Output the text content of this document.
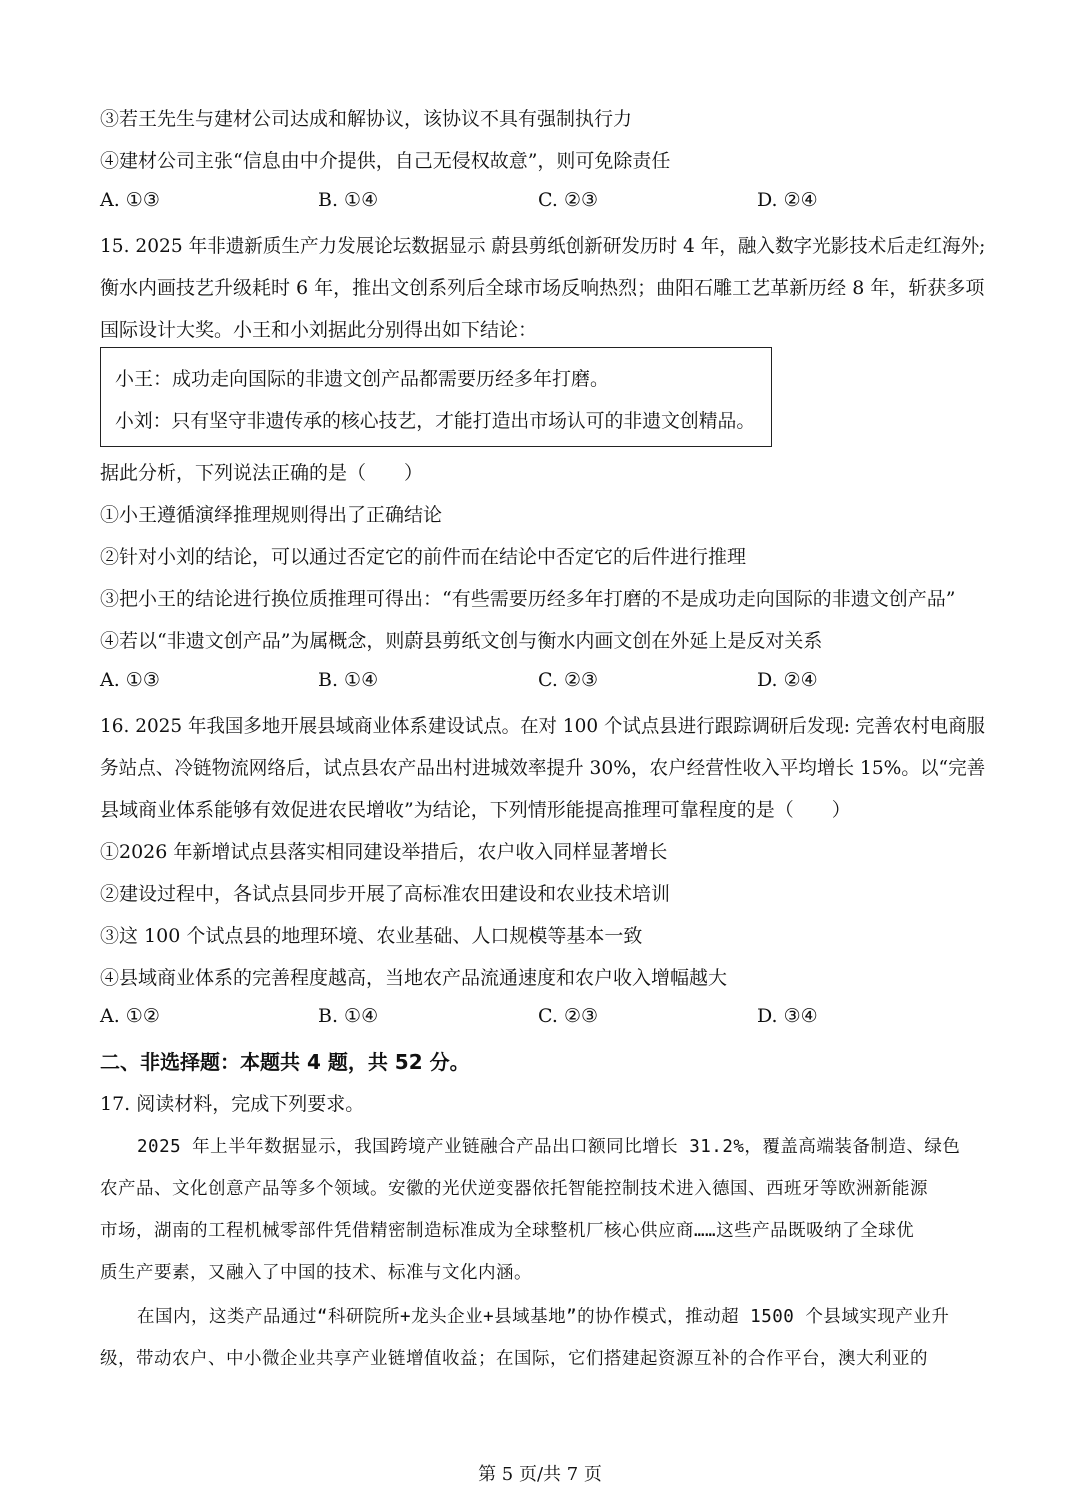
③若王先生与建材公司达成和解协议，该协议不具有强制执行力
④建材公司主张“信息由中介提供，自己无侵权故意”，则可免除责任
A. ①③	B. ①④	C. ②③	D. ②④
15. 2025 年非遗新质生产力发展论坛数据显示 蔚县剪纸创新研发历时 4 年，融入数字光影技术后走红海外;
衡水内画技艺升级耗时 6 年，推出文创系列后全球市场反响热烈；曲阳石雕工艺革新历经 8 年，斩获多项
国际设计大奖。小王和小刘据此分别得出如下结论：
小王：成功走向国际的非遗文创产品都需要历经多年打磨。
小刘：只有坚守非遗传承的核心技艺，才能打造出市场认可的非遗文创精品。
据此分析，下列说法正确的是（　　）
①小王遵循演绎推理规则得出了正确结论
②针对小刘的结论，可以通过否定它的前件而在结论中否定它的后件进行推理
③把小王的结论进行换位质推理可得出：“有些需要历经多年打磨的不是成功走向国际的非遗文创产品”
④若以“非遗文创产品”为属概念，则蔚县剪纸文创与衡水内画文创在外延上是反对关系
A. ①③	B. ①④	C. ②③	D. ②④
16. 2025 年我国多地开展县域商业体系建设试点。在对 100 个试点县进行跟踪调研后发现: 完善农村电商服
务站点、冷链物流网络后，试点县农产品出村进城效率提升 30%，农户经营性收入平均增长 15%。以“完善
县域商业体系能够有效促进农民增收”为结论，下列情形能提高推理可靠程度的是（　　）
①2026 年新增试点县落实相同建设举措后，农户收入同样显著增长
②建设过程中，各试点县同步开展了高标准农田建设和农业技术培训
③这 100 个试点县的地理环境、农业基础、人口规模等基本一致
④县域商业体系的完善程度越高，当地农产品流通速度和农户收入增幅越大
A. ①②	B. ①④	C. ②③	D. ③④
二、非选择题：本题共 4 题，共 52 分。
17. 阅读材料，完成下列要求。
2025 年上半年数据显示，我国跨境产业链融合产品出口额同比增长 31.2%，覆盖高端装备制造、绿色
农产品、文化创意产品等多个领域。安徽的光伏逆变器依托智能控制技术进入德国、西班牙等欧洲新能源
市场，湖南的工程机械零部件凭借精密制造标准成为全球整机厂核心供应商……这些产品既吸纳了全球优
质生产要素，又融入了中国的技术、标准与文化内涵。
在国内，这类产品通过“科研院所+龙头企业+县域基地”的协作模式，推动超 1500 个县域实现产业升
级，带动农户、中小微企业共享产业链增值收益；在国际，它们搭建起资源互补的合作平台，澳大利亚的
第 5 页/共 7 页
